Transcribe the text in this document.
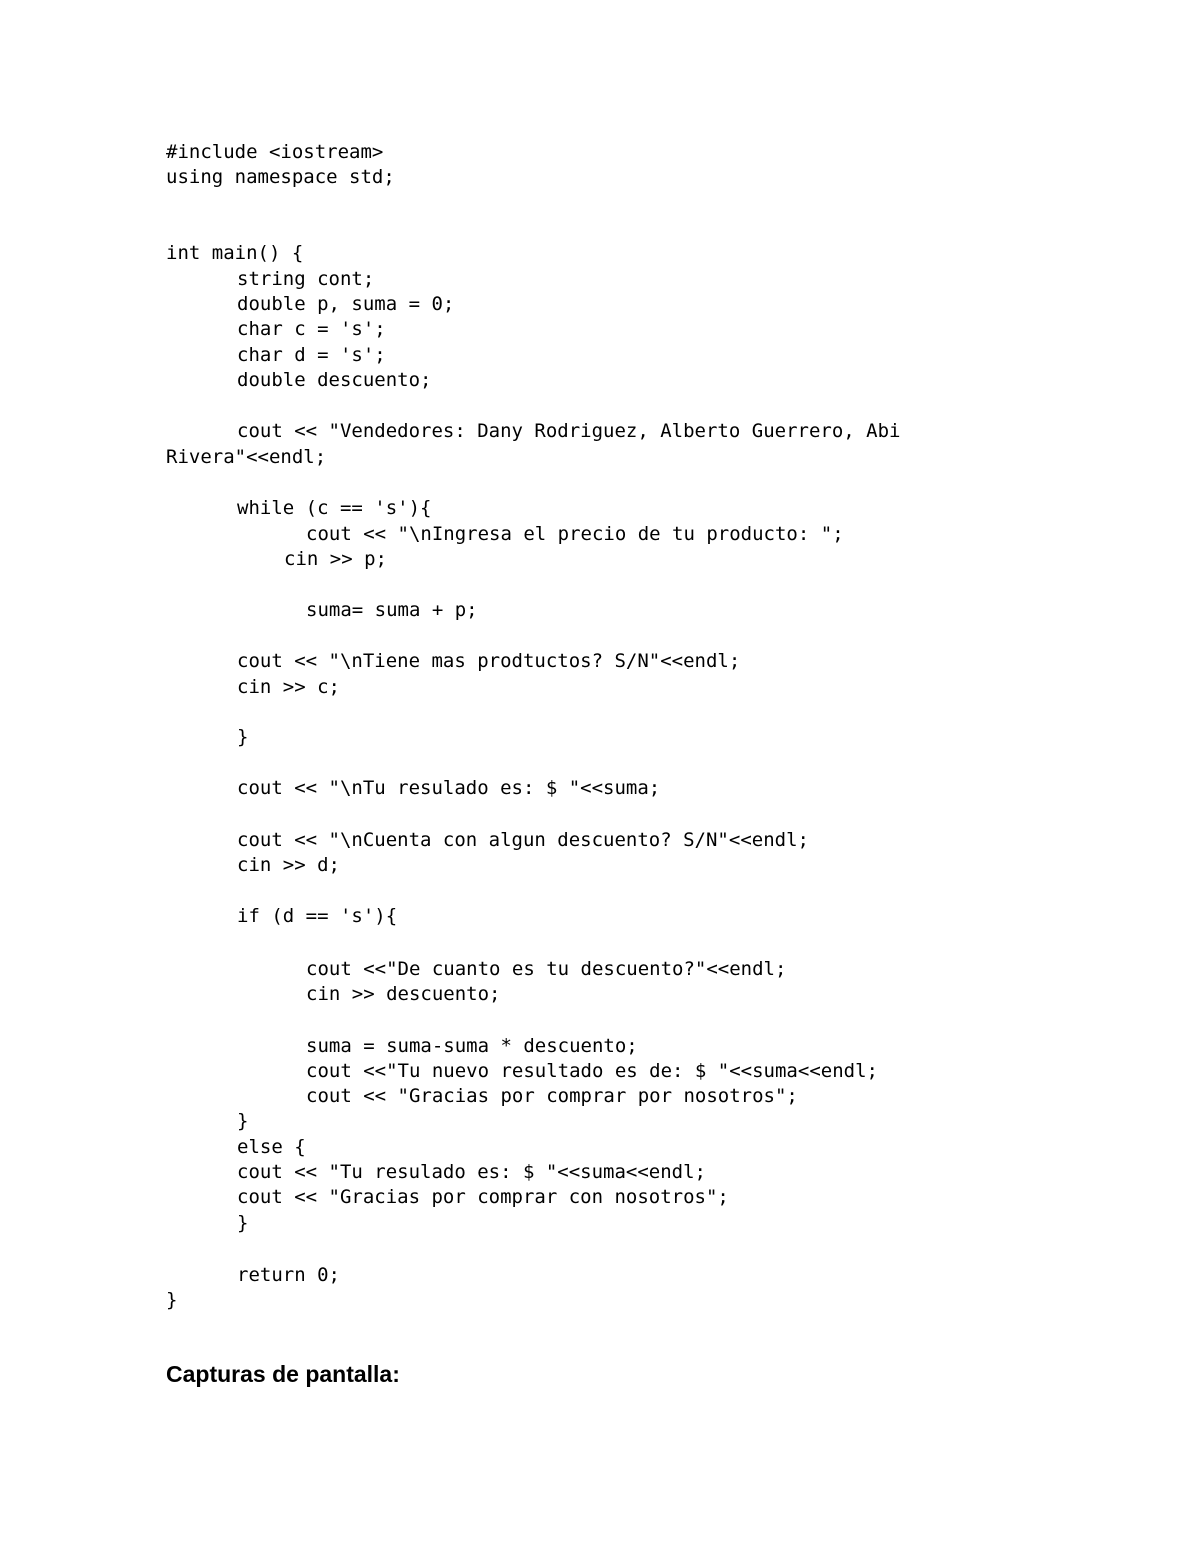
#include <iostream>
using namespace std;
int main() {
string cont;
double p, suma = 0;
char c = 's';
char d = 's';
double descuento;
cout << "Vendedores: Dany Rodriguez, Alberto Guerrero, Abi
Rivera"<<endl;
while (c == 's'){
cout << "\nIngresa el precio de tu producto: ";
cin >> p;
suma= suma + p;
cout << "\nTiene mas prodtuctos? S/N"<<endl;
cin >> c;
}
cout << "\nTu resulado es: $ "<<suma;
cout << "\nCuenta con algun descuento? S/N"<<endl;
cin >> d;
if (d == 's'){
cout <<"De cuanto es tu descuento?"<<endl;
cin >> descuento;
suma = suma-suma * descuento;
cout <<"Tu nuevo resultado es de: $ "<<suma<<endl;
cout << "Gracias por comprar por nosotros";
}
else {
cout << "Tu resulado es: $ "<<suma<<endl;
cout << "Gracias por comprar con nosotros";
}
return 0;
}
Capturas de pantalla:
